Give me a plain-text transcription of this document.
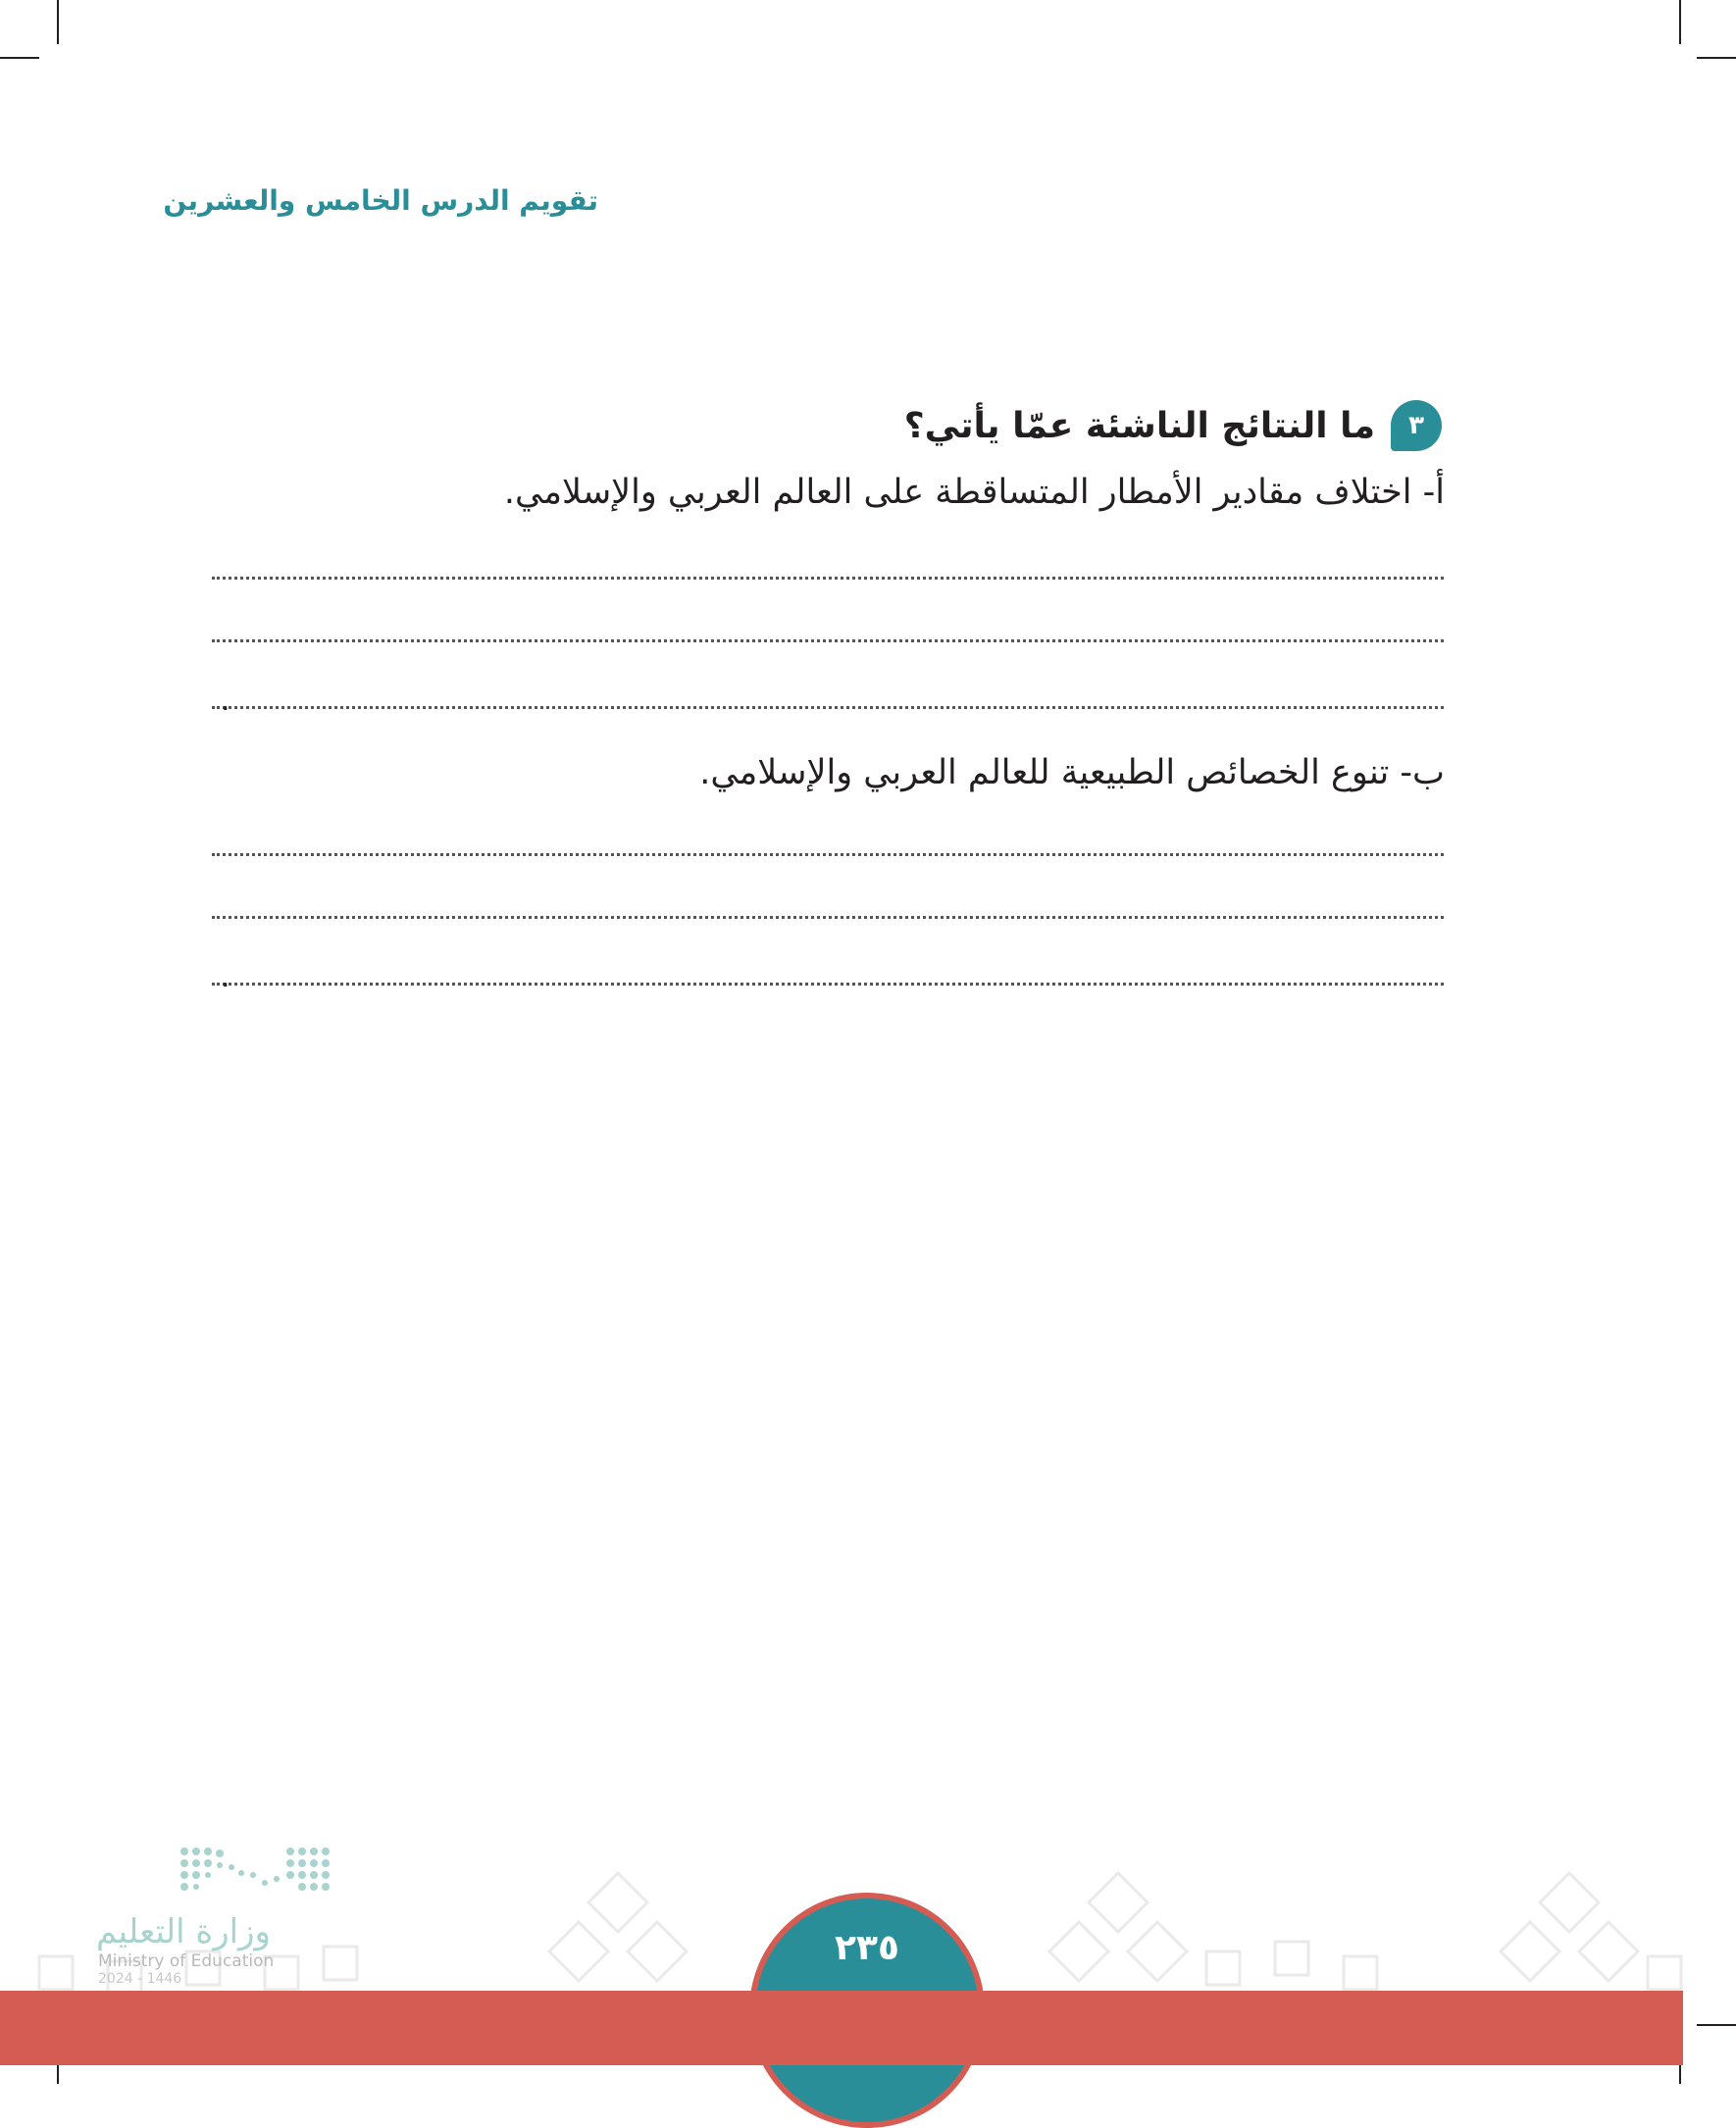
تقويم الدرس الخامس والعشرين
٣
ما النتائج الناشئة عمّا يأتي؟
أ- اختلاف مقادير الأمطار المتساقطة على العالم العربي والإسلامي.
.
ب- تنوع الخصائص الطبيعية للعالم العربي والإسلامي.
.
وزارة التعليم
Ministry of Education
2024 - 1446
٢٣٥
